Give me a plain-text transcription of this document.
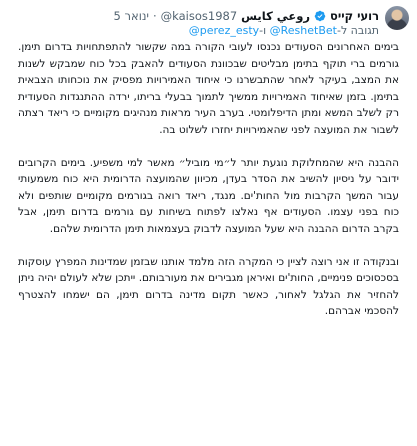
רועי קייס
روعي كايس
@kaisos1987
·
5 ינואר
תגובה ל-@ReshetBet ו-@perez_esty

בימים האחרונים הסעודים נכנסו לעובי הקורה במה שקשור להתפתחויות בדרום תימן. גורמים ברי תוקף בתימן מבליטים שבכוונת הסעודים להאבק בכל כוח שמבקש לשנות את המצב, בעיקר לאחר שהתבשרנו כי איחוד האמירויות מפסיק את נוכחותו הצבאית בתימן. בזמן שאיחוד האמירויות ממשיך לתמוך בבעלי בריתו, ירדה ההתנגדות הסעודית רק לשלב המשא ומתן הדיפלומטי. בערב העיר מראות מנהיגים מקומיים כי ריאד רצתה לשבור את המועצה לפני שהאמירויות יחזרו לשלוט בה.

ההבנה היא שהמחלוקת נוגעת יותר ל״מי מוביל״ מאשר למי משפיע. בימים הקרובים ידובר על ניסיון להשיב את הסדר בעדן, מכיוון שהמועצה הדרומית היא כוח משמעותי עבור המשך הקרבות מול החות'ים. מנגד, ריאד רואה בגורמים מקומיים שותפים ולא כוח בפני עצמו. הסעודים אף נאלצו לפתוח בשיחות עם גורמים בדרום תימן, אבל בקרב הדרום ההבנה היא שעל המועצה לדבוק בעצמאות תימן הדרומית שלהם.

ובנקודה זו אני רוצה לציין כי המקרה הזה מלמד אותנו שבזמן שמדינות המפרץ עוסקות בסכסוכים פנימיים, החות'ים ואיראן מגבירים את מעורבותם. ייתכן שלא לעולם יהיה ניתן להחזיר את הגלגל לאחור, כאשר תקום מדינה בדרום תימן, הם ישמחו להצטרף להסכמי אברהם.
